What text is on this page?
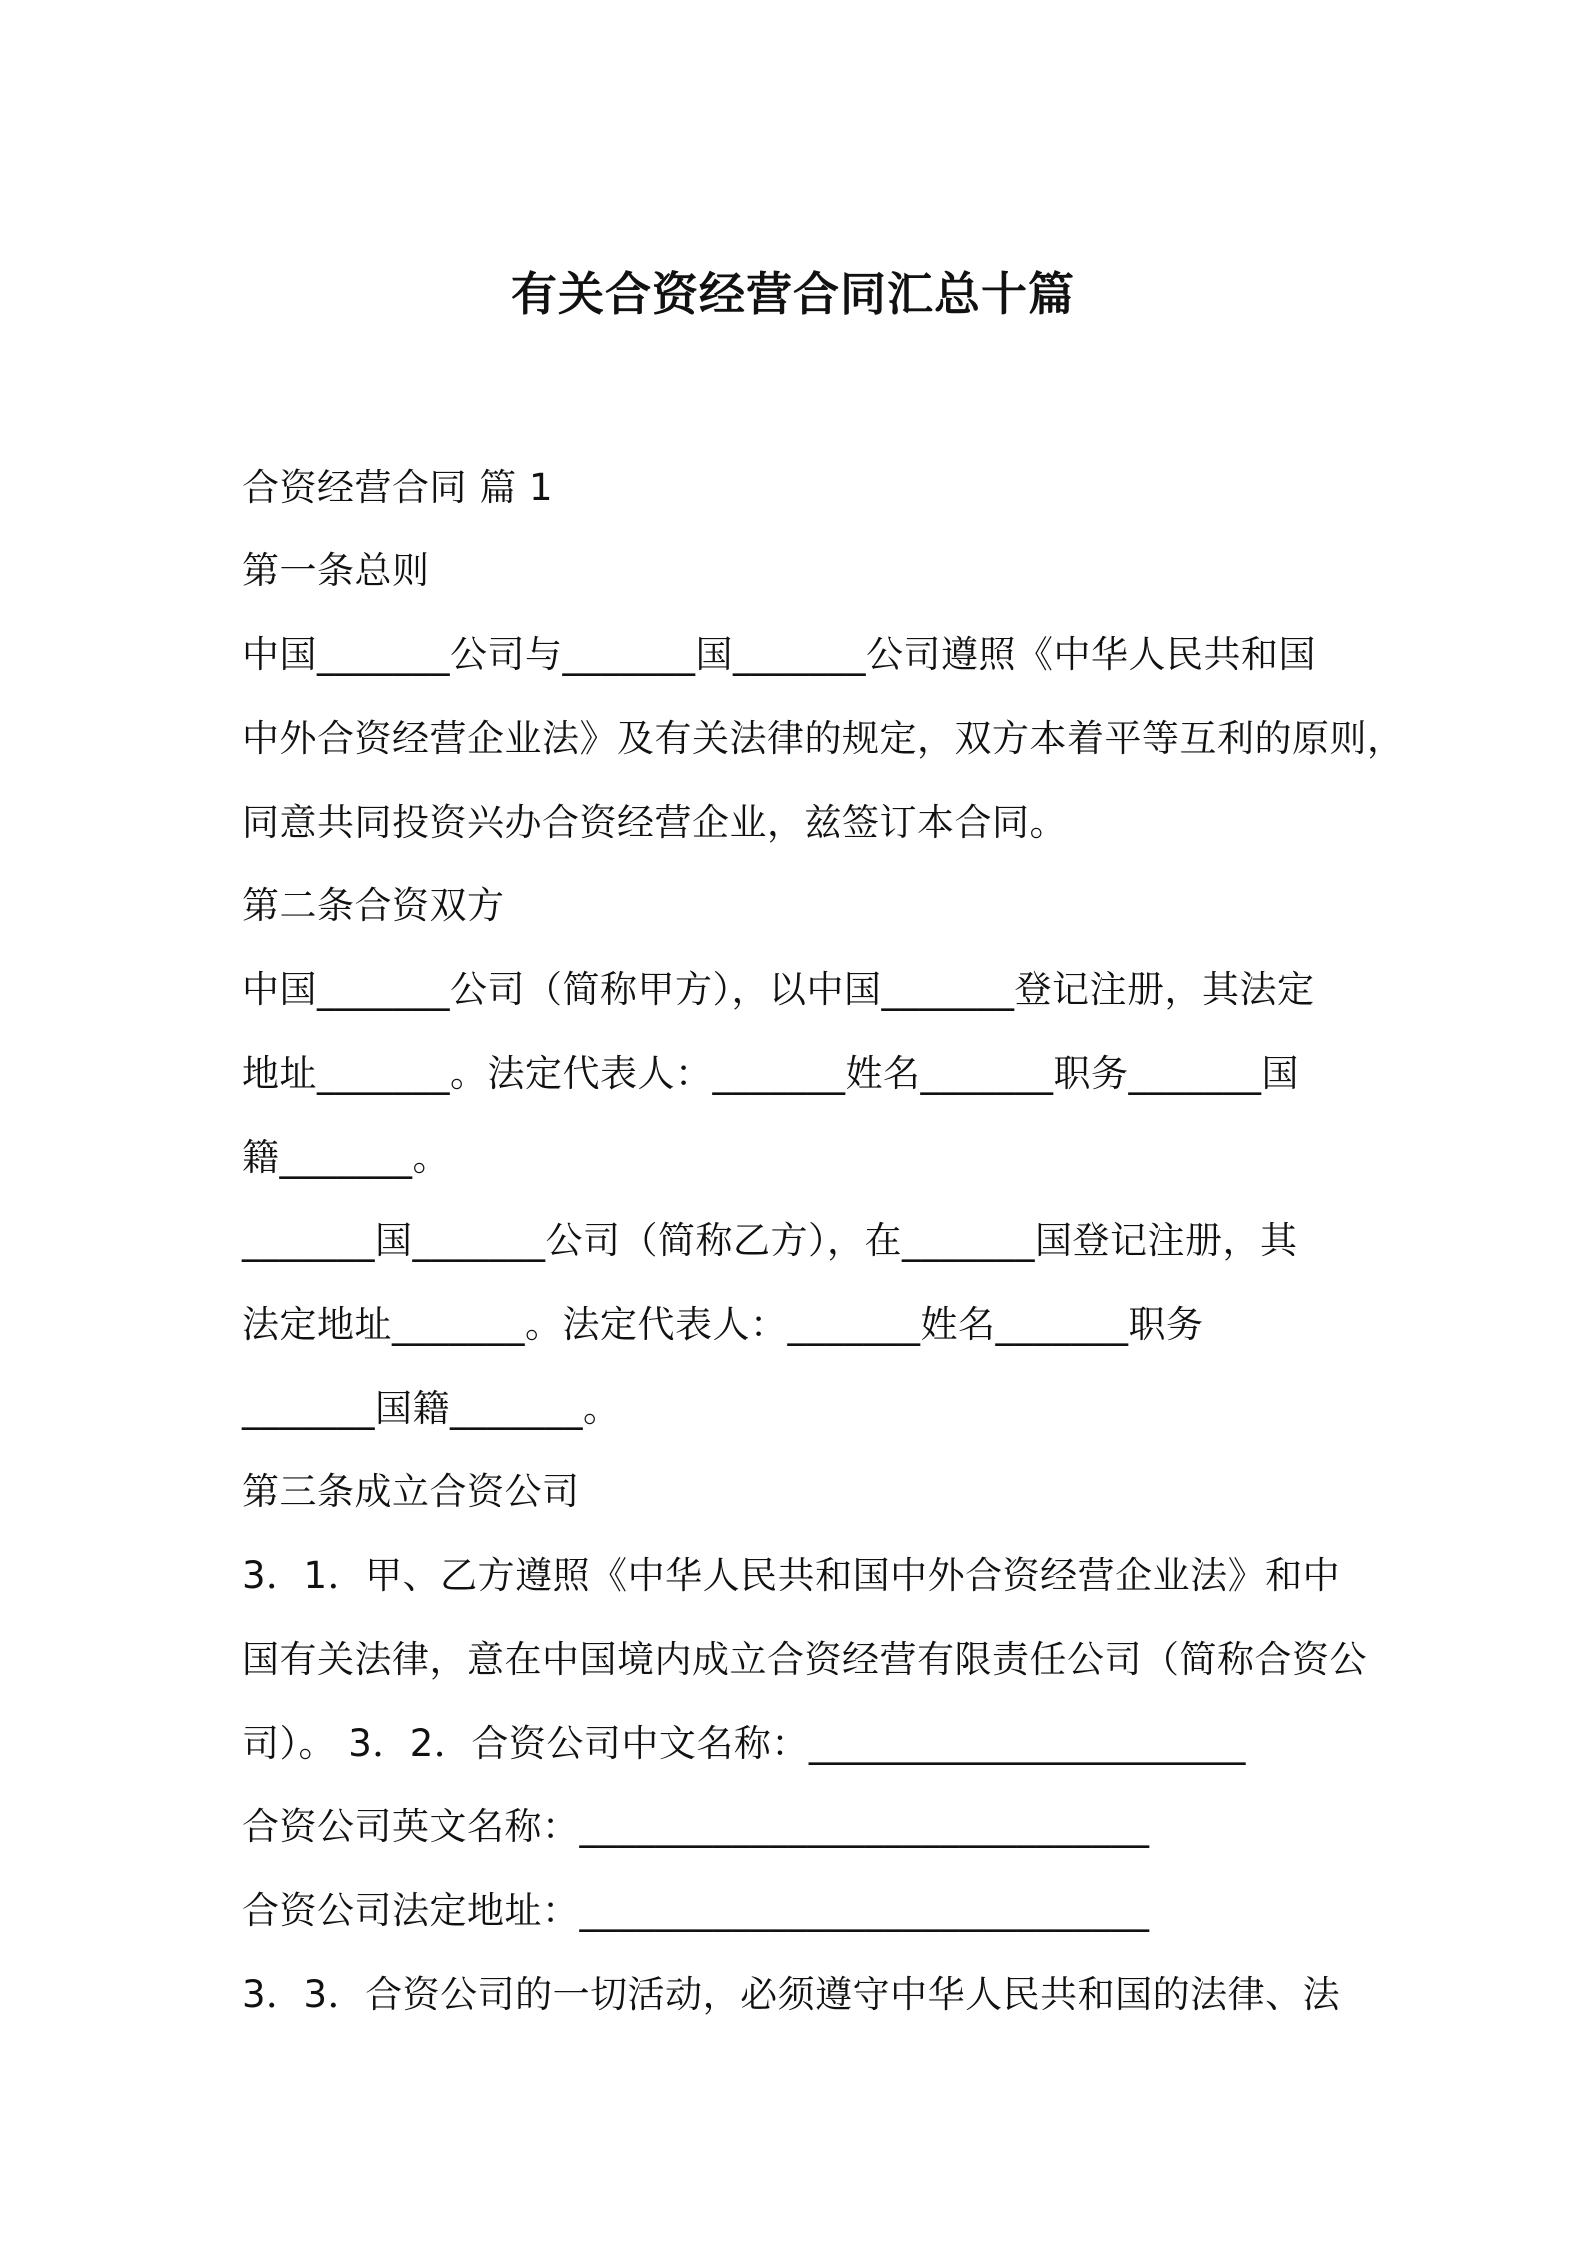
有关合资经营合同汇总十篇
合资经营合同 篇 1
第一条总则
中国_______公司与_______国_______公司遵照《中华人民共和国
中外合资经营企业法》及有关法律的规定，双方本着平等互利的原则，
同意共同投资兴办合资经营企业，兹签订本合同。
第二条合资双方
中国_______公司（简称甲方），以中国_______登记注册，其法定
地址_______。法定代表人：_______姓名_______职务_______国
籍_______。
_______国_______公司（简称乙方），在_______国登记注册，其
法定地址_______。法定代表人：_______姓名_______职务
_______国籍_______。
第三条成立合资公司
3．1．甲、乙方遵照《中华人民共和国中外合资经营企业法》和中
国有关法律，意在中国境内成立合资经营有限责任公司（简称合资公
司）。 3．2．合资公司中文名称：_______________________
合资公司英文名称：______________________________
合资公司法定地址：______________________________
3．3．合资公司的一切活动，必须遵守中华人民共和国的法律、法
